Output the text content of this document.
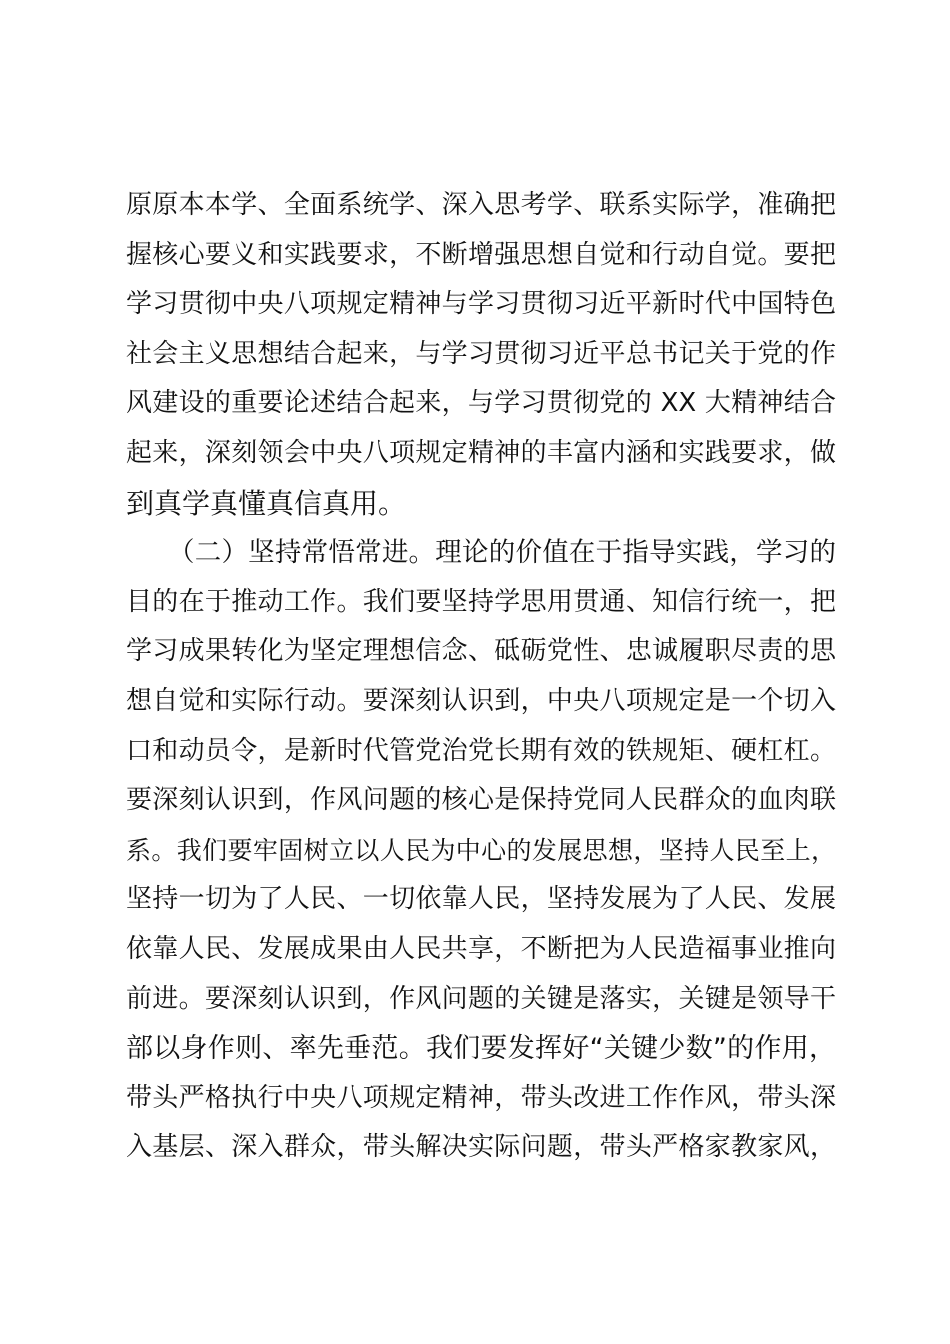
原原本本学、全面系统学、深入思考学、联系实际学，准确把
握核心要义和实践要求，不断增强思想自觉和行动自觉。要把
学习贯彻中央八项规定精神与学习贯彻习近平新时代中国特色
社会主义思想结合起来，与学习贯彻习近平总书记关于党的作
风建设的重要论述结合起来，与学习贯彻党的 XX 大精神结合
起来，深刻领会中央八项规定精神的丰富内涵和实践要求，做
到真学真懂真信真用。
（二）坚持常悟常进。理论的价值在于指导实践，学习的
目的在于推动工作。我们要坚持学思用贯通、知信行统一，把
学习成果转化为坚定理想信念、砥砺党性、忠诚履职尽责的思
想自觉和实际行动。要深刻认识到，中央八项规定是一个切入
口和动员令，是新时代管党治党长期有效的铁规矩、硬杠杠。
要深刻认识到，作风问题的核心是保持党同人民群众的血肉联
系。我们要牢固树立以人民为中心的发展思想，坚持人民至上，
坚持一切为了人民、一切依靠人民，坚持发展为了人民、发展
依靠人民、发展成果由人民共享，不断把为人民造福事业推向
前进。要深刻认识到，作风问题的关键是落实，关键是领导干
部以身作则、率先垂范。我们要发挥好“关键少数”的作用，
带头严格执行中央八项规定精神，带头改进工作作风，带头深
入基层、深入群众，带头解决实际问题，带头严格家教家风，
